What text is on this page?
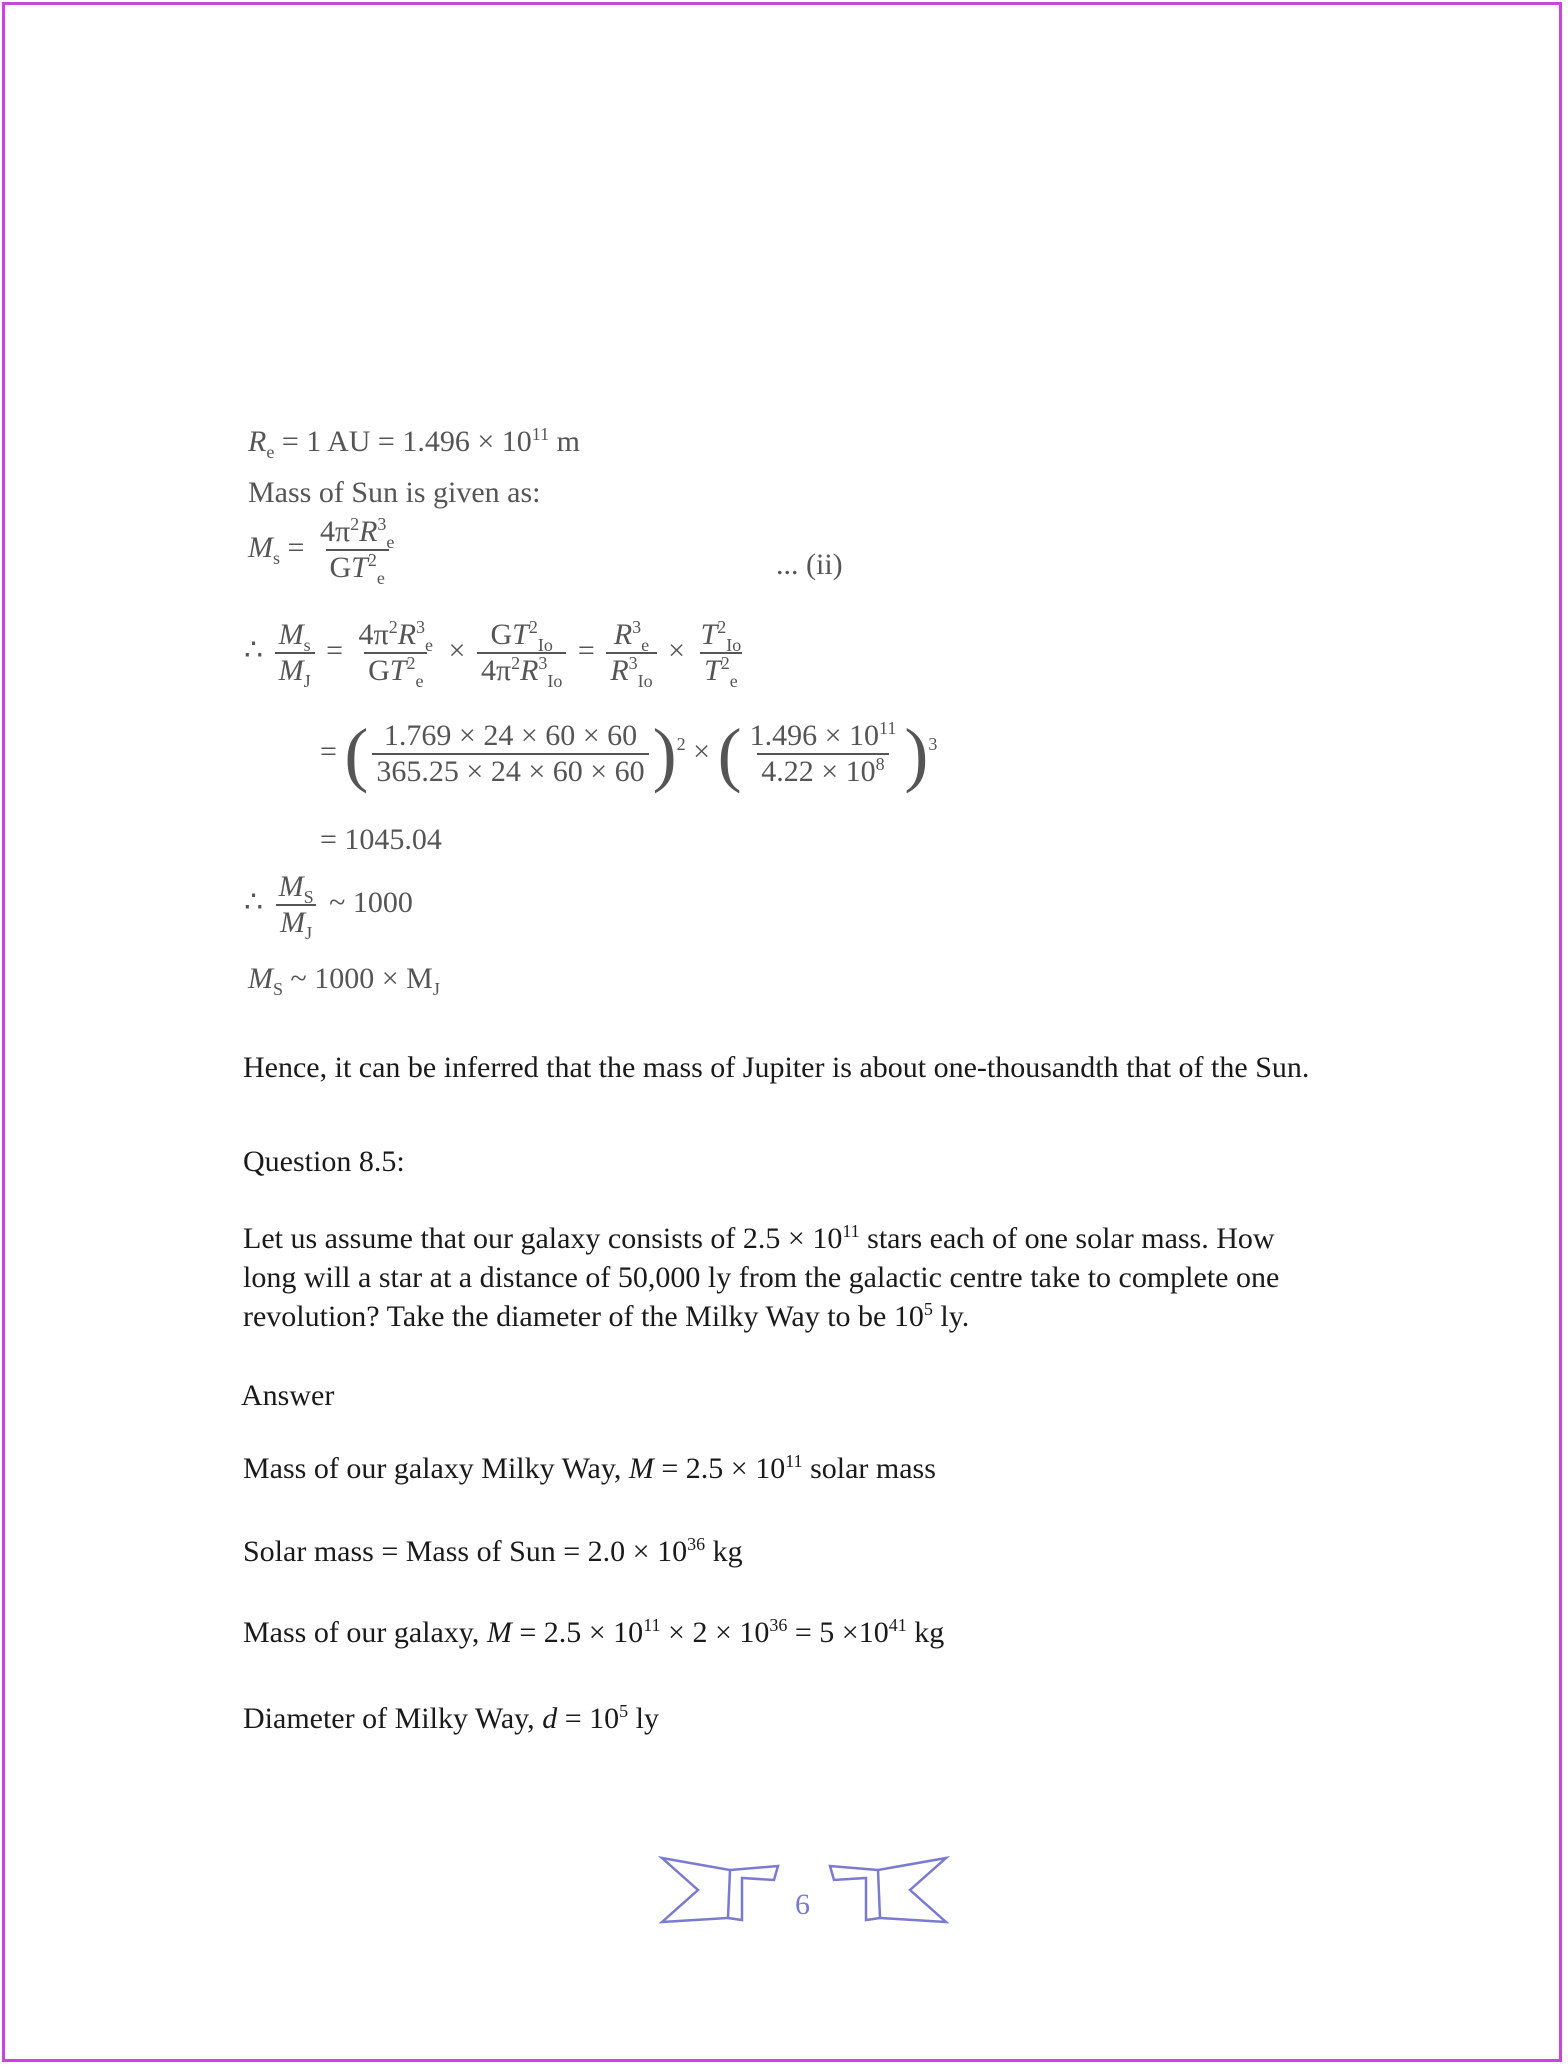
$R_e = 1$ AU = $1.496 \times 10^{11}$ m
Mass of Sun is given as:
$M_s = \frac{4\pi^2R^3_e}{GT^2_e}$	... (ii)
∴ $\frac{M_s}{M_J} = \frac{4\pi^2R^3_e}{GT^2_e} \times \frac{GT^2_{Io}}{4\pi^2R^3_{Io}} = \frac{R^3_e}{R^3_{Io}} \times \frac{T^2_{Io}}{T^2_e}$
= ( $\frac{1.769 \times 24 \times 60 \times 60}{365.25 \times 24 \times 60 \times 60} )^2$ × ( $\frac{1.496 \times 10^{11}}{4.22 \times 10^8} )^3$
= 1045.04
∴ $\frac{M_S}{M_J}$ ~ 1000
$M_S$ ~ $1000 \times M_J$
Hence, it can be inferred that the mass of Jupiter is about one-thousandth that of the Sun.
Question 8.5:
Let us assume that our galaxy consists of $2.5 \times 10^{11}$ stars each of one solar mass. How
long will a star at a distance of 50,000 ly from the galactic centre take to complete one
revolution? Take the diameter of the Milky Way to be $10^5$ ly.
Answer
Mass of our galaxy Milky Way, $M = 2.5 \times 10^{11}$ solar mass
Solar mass = Mass of Sun = $2.0 \times 10^{36}$ kg
Mass of our galaxy, $M = 2.5 \times 10^{11} \times 2 \times 10^{36} = 5 \times 10^{41}$ kg
Diameter of Milky Way, $d = 10^5$ ly
6
